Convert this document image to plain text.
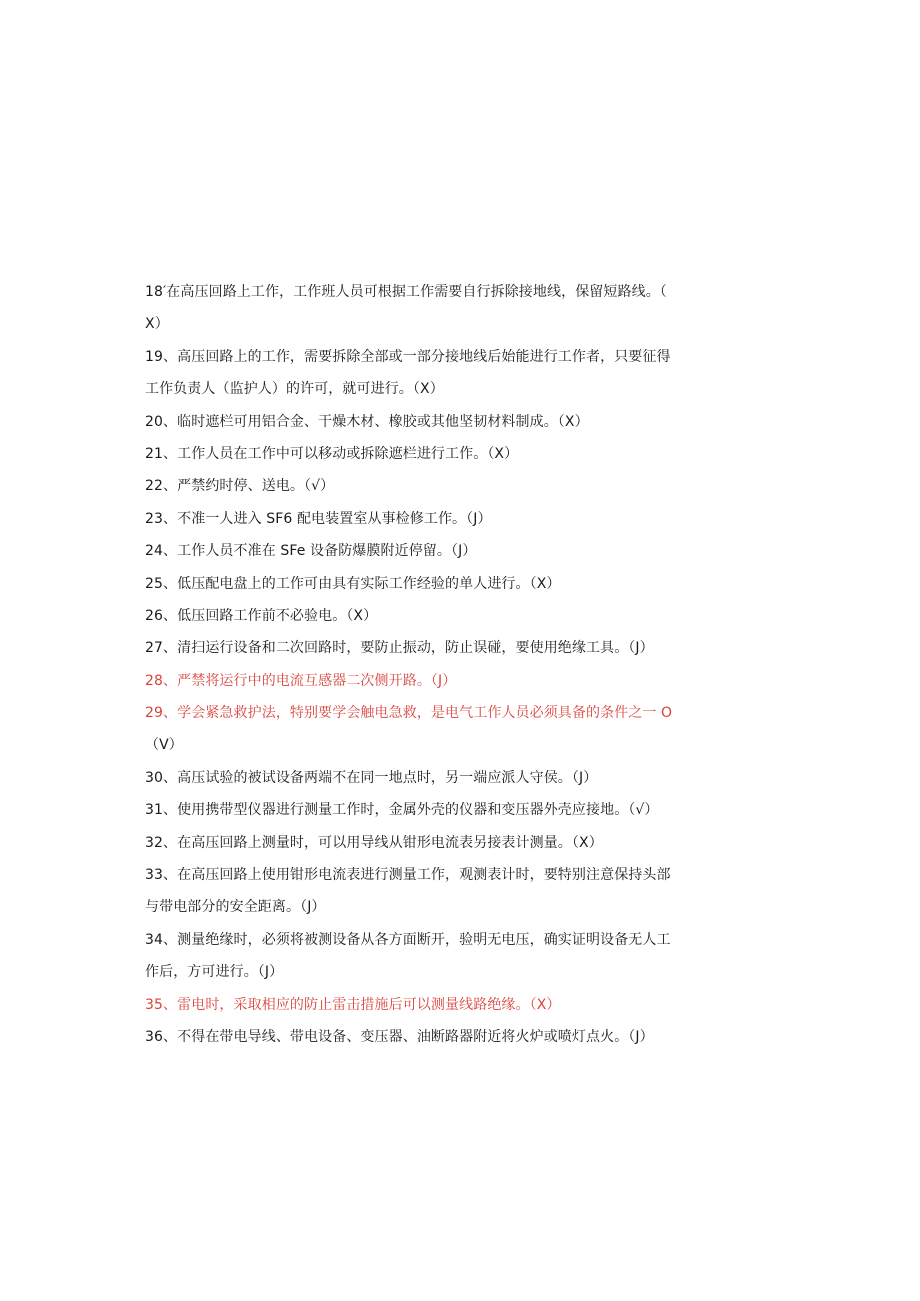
18′在高压回路上工作，工作班人员可根据工作需要自行拆除接地线，保留短路线。（
X）
19、高压回路上的工作，需要拆除全部或一部分接地线后始能进行工作者，只要征得
工作负责人（监护人）的许可，就可进行。（X）
20、临时遮栏可用铝合金、干燥木材、橡胶或其他坚韧材料制成。（X）
21、工作人员在工作中可以移动或拆除遮栏进行工作。（X）
22、严禁约时停、送电。（√）
23、不准一人进入 SF6 配电装置室从事检修工作。（J）
24、工作人员不准在 SFe 设备防爆膜附近停留。（J）
25、低压配电盘上的工作可由具有实际工作经验的单人进行。（X）
26、低压回路工作前不必验电。（X）
27、清扫运行设备和二次回路时，要防止振动，防止误碰，要使用绝缘工具。（J）
28、严禁将运行中的电流互感器二次侧开路。（J）
29、学会紧急救护法，特别要学会触电急救，是电气工作人员必须具备的条件之一 O
（V）
30、高压试验的被试设备两端不在同一地点时，另一端应派人守侯。（J）
31、使用携带型仪器进行测量工作时，金属外壳的仪器和变压器外壳应接地。（√）
32、在高压回路上测量时，可以用导线从钳形电流表另接表计测量。（X）
33、在高压回路上使用钳形电流表进行测量工作，观测表计时，要特别注意保持头部
与带电部分的安全距离。（J）
34、测量绝缘时，必须将被测设备从各方面断开，验明无电压，确实证明设备无人工
作后，方可进行。（J）
35、雷电时，采取相应的防止雷击措施后可以测量线路绝缘。（X）
36、不得在带电导线、带电设备、变压器、油断路器附近将火炉或喷灯点火。（J）
